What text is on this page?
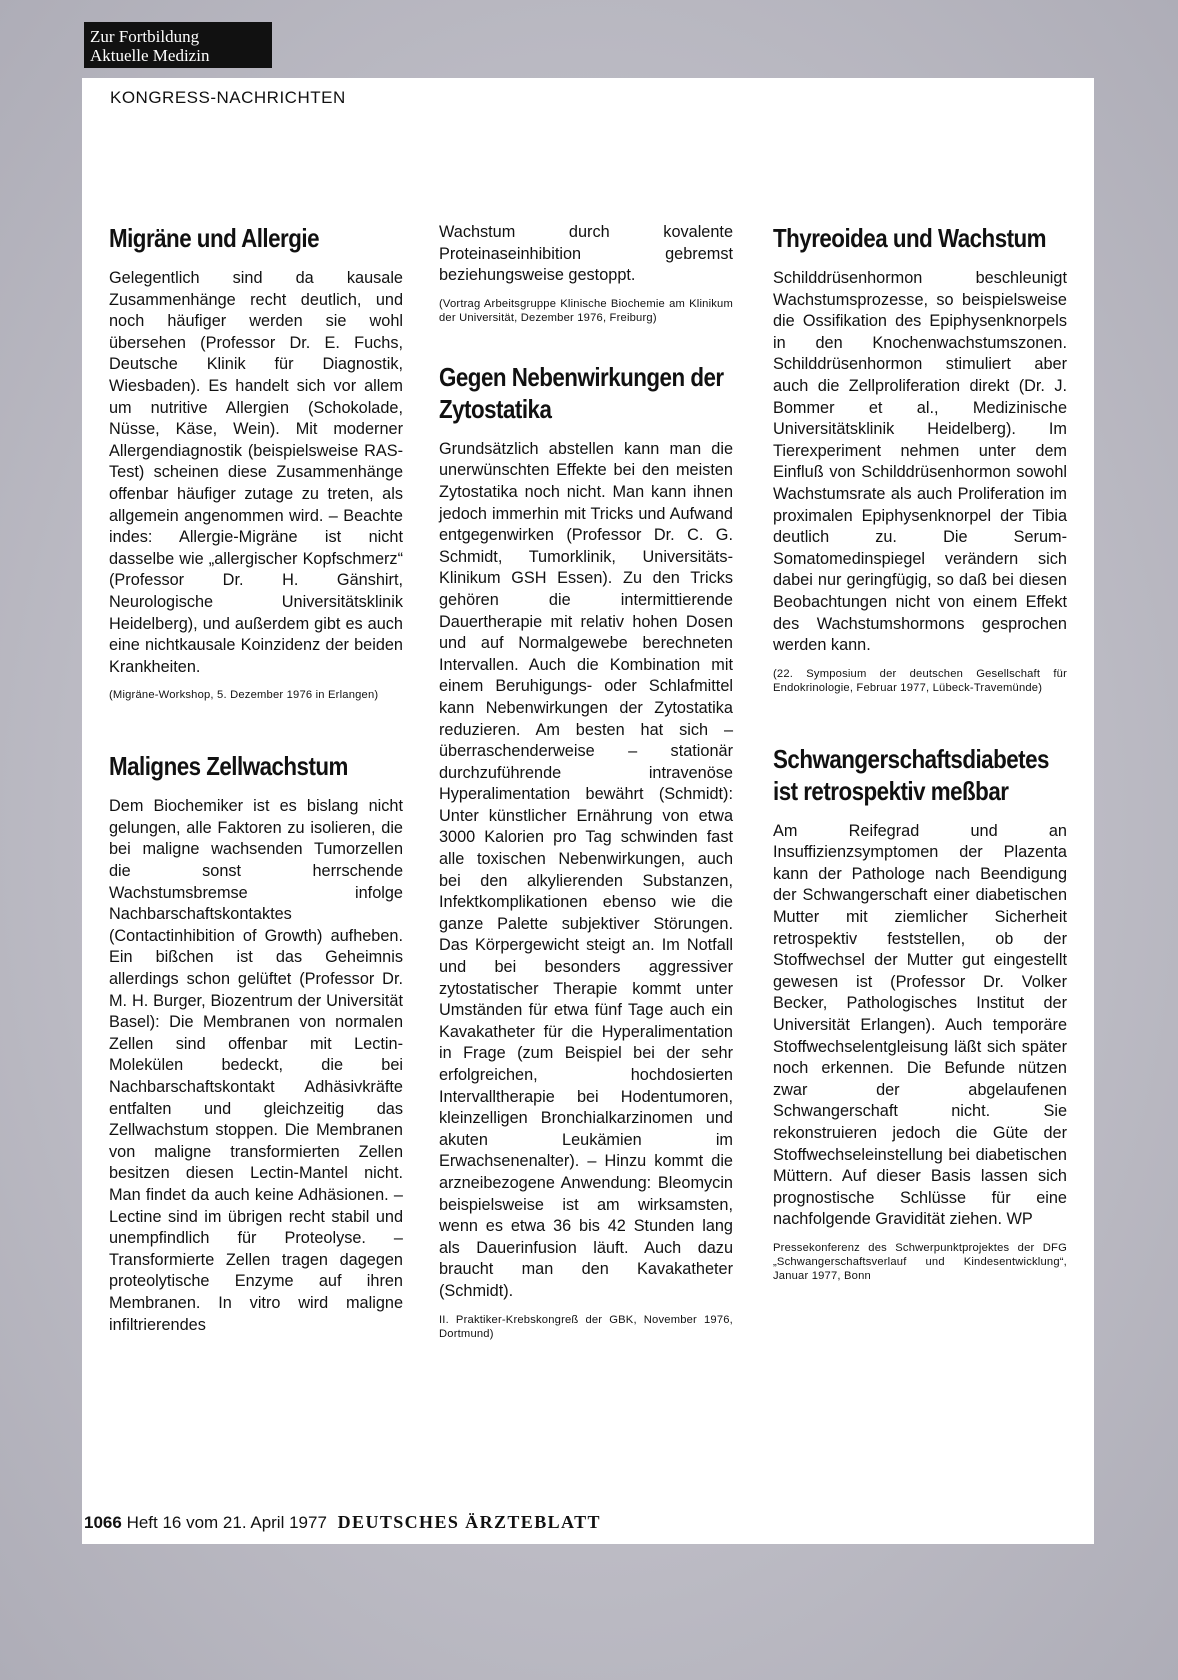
Zur Fortbildung
Aktuelle Medizin
KONGRESS-NACHRICHTEN
Migräne und Allergie

Gelegentlich sind da kausale Zusammenhänge recht deutlich, und noch häufiger werden sie wohl übersehen (Professor Dr. E. Fuchs, Deutsche Klinik für Diagnostik, Wiesbaden). Es handelt sich vor allem um nutritive Allergien (Schokolade, Nüsse, Käse, Wein). Mit moderner Allergendiagnostik (beispielsweise RAS-Test) scheinen diese Zusammenhänge offenbar häufiger zutage zu treten, als allgemein angenommen wird. – Beachte indes: Allergie-Migräne ist nicht dasselbe wie „allergischer Kopfschmerz“ (Professor Dr. H. Gänshirt, Neurologische Universitätsklinik Heidelberg), und außerdem gibt es auch eine nichtkausale Koinzidenz der beiden Krankheiten.

(Migräne-Workshop, 5. Dezember 1976 in Erlangen)

Malignes Zellwachstum

Dem Biochemiker ist es bislang nicht gelungen, alle Faktoren zu isolieren, die bei maligne wachsenden Tumorzellen die sonst herrschende Wachstumsbremse infolge Nachbarschaftskontaktes (Contactinhibition of Growth) aufheben. Ein bißchen ist das Geheimnis allerdings schon gelüftet (Professor Dr. M. H. Burger, Biozentrum der Universität Basel): Die Membranen von normalen Zellen sind offenbar mit Lectin-Molekülen bedeckt, die bei Nachbarschaftskontakt Adhäsivkräfte entfalten und gleichzeitig das Zellwachstum stoppen. Die Membranen von maligne transformierten Zellen besitzen diesen Lectin-Mantel nicht. Man findet da auch keine Adhäsionen. – Lectine sind im übrigen recht stabil und unempfindlich für Proteolyse. – Transformierte Zellen tragen dagegen proteolytische Enzyme auf ihren Membranen. In vitro wird maligne infiltrierendes

Wachstum durch kovalente Proteinaseinhibition gebremst beziehungsweise gestoppt.

(Vortrag Arbeitsgruppe Klinische Biochemie am Klinikum der Universität, Dezember 1976, Freiburg)

Gegen Nebenwirkungen der Zytostatika

Grundsätzlich abstellen kann man die unerwünschten Effekte bei den meisten Zytostatika noch nicht. Man kann ihnen jedoch immerhin mit Tricks und Aufwand entgegenwirken (Professor Dr. C. G. Schmidt, Tumorklinik, Universitäts-Klinikum GSH Essen). Zu den Tricks gehören die intermittierende Dauertherapie mit relativ hohen Dosen und auf Normalgewebe berechneten Intervallen. Auch die Kombination mit einem Beruhigungs- oder Schlafmittel kann Nebenwirkungen der Zytostatika reduzieren. Am besten hat sich – überraschenderweise – stationär durchzuführende intravenöse Hyperalimentation bewährt (Schmidt): Unter künstlicher Ernährung von etwa 3000 Kalorien pro Tag schwinden fast alle toxischen Nebenwirkungen, auch bei den alkylierenden Substanzen, Infektkomplikationen ebenso wie die ganze Palette subjektiver Störungen. Das Körpergewicht steigt an. Im Notfall und bei besonders aggressiver zytostatischer Therapie kommt unter Umständen für etwa fünf Tage auch ein Kavakatheter für die Hyperalimentation in Frage (zum Beispiel bei der sehr erfolgreichen, hochdosierten Intervalltherapie bei Hodentumoren, kleinzelligen Bronchialkarzinomen und akuten Leukämien im Erwachsenenalter). – Hinzu kommt die arzneibezogene Anwendung: Bleomycin beispielsweise ist am wirksamsten, wenn es etwa 36 bis 42 Stunden lang als Dauerinfusion läuft. Auch dazu braucht man den Kavakatheter (Schmidt).

II. Praktiker-Krebskongreß der GBK, November 1976, Dortmund)

Thyreoidea und Wachstum

Schilddrüsenhormon beschleunigt Wachstumsprozesse, so beispielsweise die Ossifikation des Epiphysenknorpels in den Knochenwachstumszonen. Schilddrüsenhormon stimuliert aber auch die Zellproliferation direkt (Dr. J. Bommer et al., Medizinische Universitätsklinik Heidelberg). Im Tierexperiment nehmen unter dem Einfluß von Schilddrüsenhormon sowohl Wachstumsrate als auch Proliferation im proximalen Epiphysenknorpel der Tibia deutlich zu. Die Serum-Somatomedinspiegel verändern sich dabei nur geringfügig, so daß bei diesen Beobachtungen nicht von einem Effekt des Wachstumshormons gesprochen werden kann.

(22. Symposium der deutschen Gesellschaft für Endokrinologie, Februar 1977, Lübeck-Travemünde)

Schwangerschaftsdiabetes ist retrospektiv meßbar

Am Reifegrad und an Insuffizienzsymptomen der Plazenta kann der Pathologe nach Beendigung der Schwangerschaft einer diabetischen Mutter mit ziemlicher Sicherheit retrospektiv feststellen, ob der Stoffwechsel der Mutter gut eingestellt gewesen ist (Professor Dr. Volker Becker, Pathologisches Institut der Universität Erlangen). Auch temporäre Stoffwechselentgleisung läßt sich später noch erkennen. Die Befunde nützen zwar der abgelaufenen Schwangerschaft nicht. Sie rekonstruieren jedoch die Güte der Stoffwechseleinstellung bei diabetischen Müttern. Auf dieser Basis lassen sich prognostische Schlüsse für eine nachfolgende Gravidität ziehen. WP

Pressekonferenz des Schwerpunktprojektes der DFG „Schwangerschaftsverlauf und Kindesentwicklung“, Januar 1977, Bonn

1066 Heft 16 vom 21. April 1977 DEUTSCHES ÄRZTEBLATT
